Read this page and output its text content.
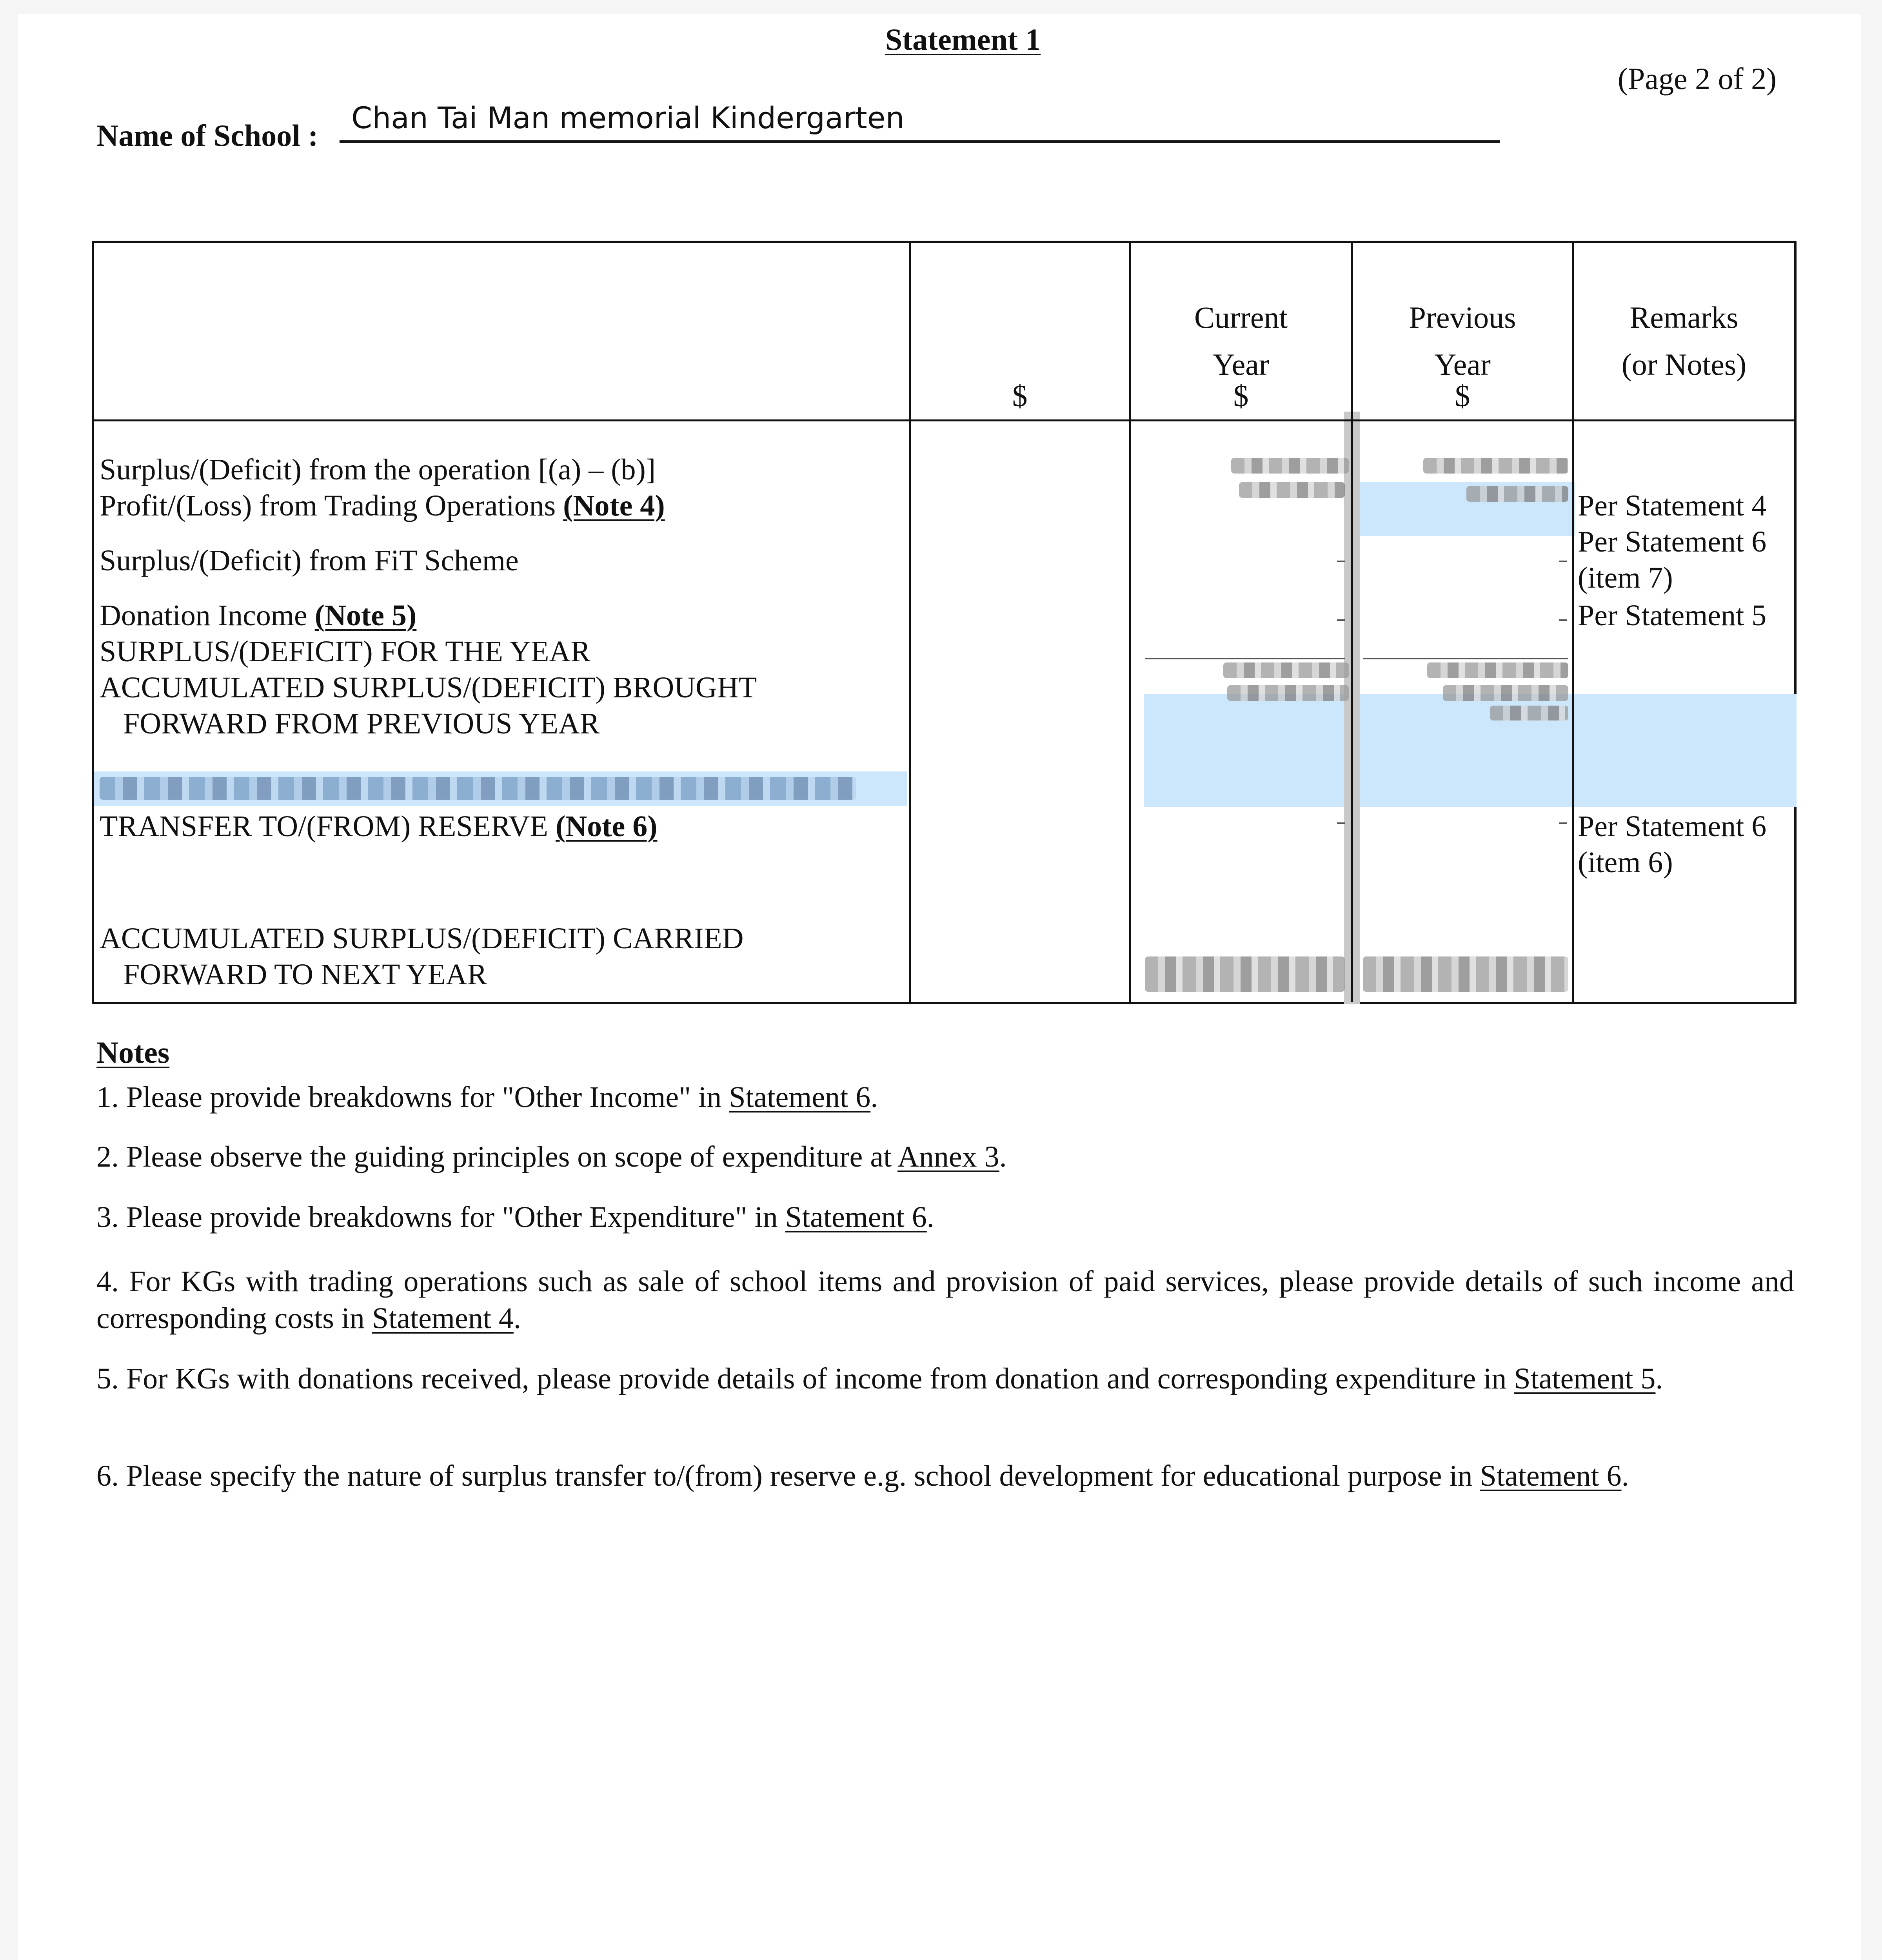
Statement 1
(Page 2 of 2)
Name of School :
Chan Tai Man memorial Kindergarten
$
Current
Year
$
Previous
Year
$
Remarks
(or Notes)
Surplus/(Deficit) from the operation [(a) – (b)]
Profit/(Loss) from Trading Operations (Note 4)
Surplus/(Deficit) from FiT Scheme
Donation Income (Note 5)
SURPLUS/(DEFICIT) FOR THE YEAR
ACCUMULATED SURPLUS/(DEFICIT) BROUGHT
FORWARD FROM PREVIOUS YEAR
TRANSFER TO/(FROM) RESERVE (Note 6)
ACCUMULATED SURPLUS/(DEFICIT) CARRIED
FORWARD TO NEXT YEAR
Per Statement 4
Per Statement 6
(item 7)
Per Statement 5
Per Statement 6
(item 6)
Notes
1. Please provide breakdowns for "Other Income" in Statement 6.
2. Please observe the guiding principles on scope of expenditure at Annex 3.
3. Please provide breakdowns for "Other Expenditure" in Statement 6.
4. For KGs with trading operations such as sale of school items and provision of paid services, please provide details of such income and corresponding costs in Statement 4.
5. For KGs with donations received, please provide details of income from donation and corresponding expenditure in Statement 5.
6. Please specify the nature of surplus transfer to/(from) reserve e.g. school development for educational purpose in Statement 6.
